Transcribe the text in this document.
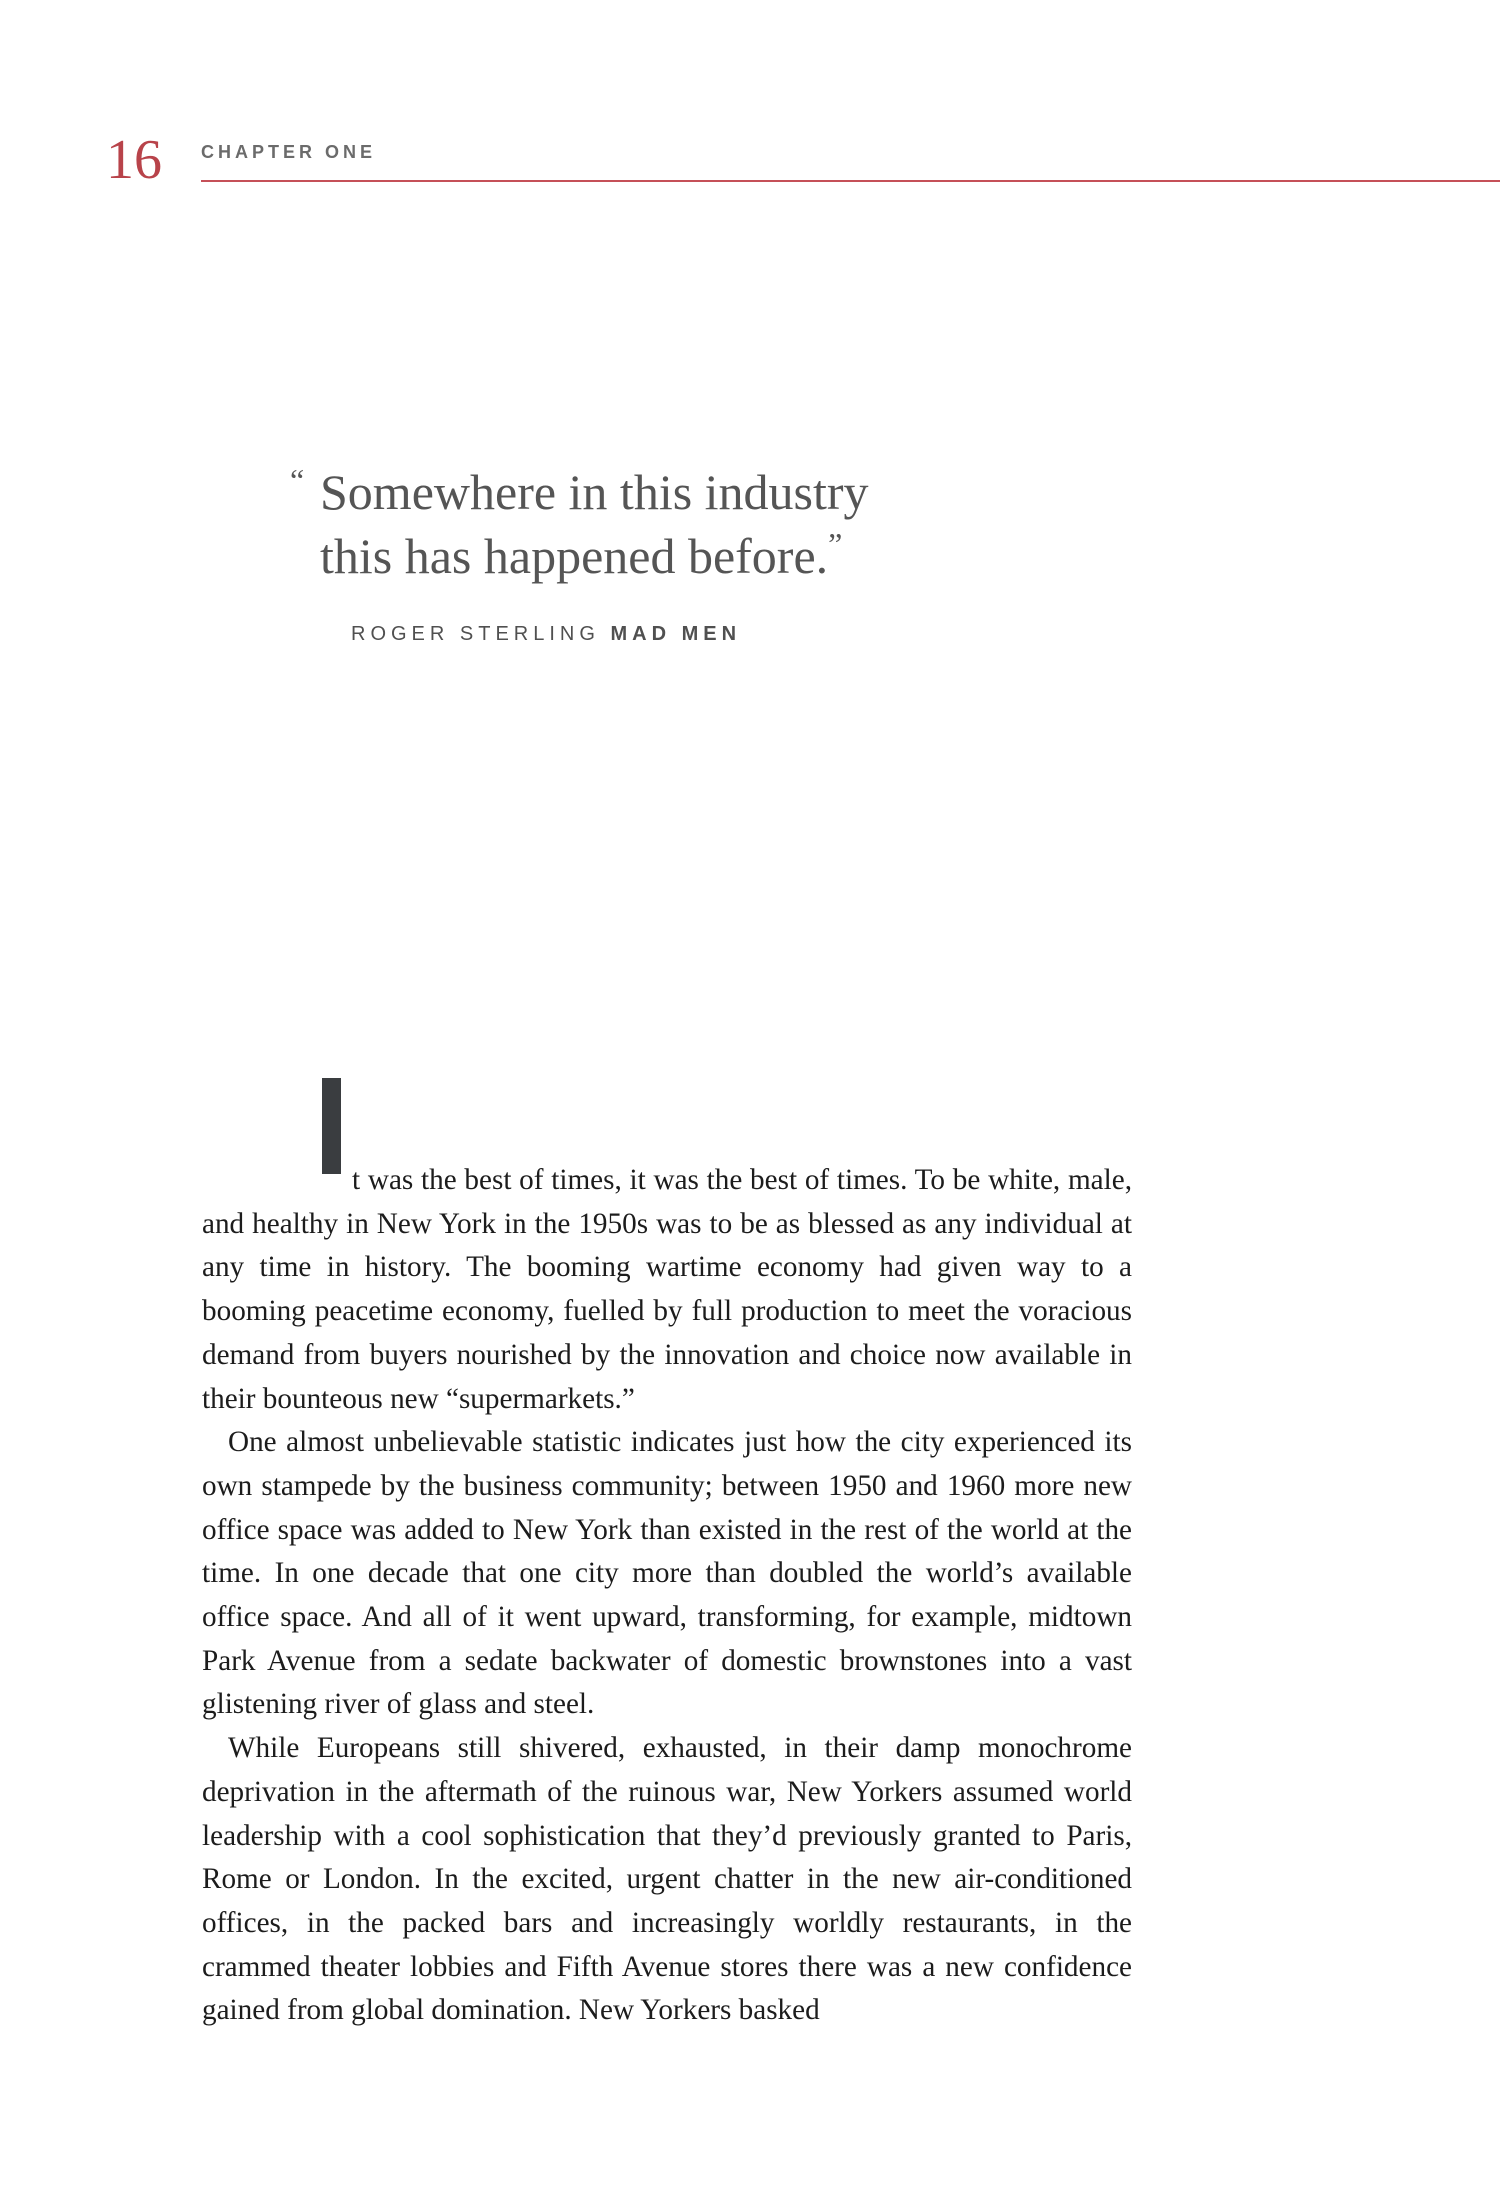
16 CHAPTER ONE
“ Somewhere in this industry
this has happened before.”
ROGER STERLING MAD MEN

t was the best of times, it was the best of times. To be white, male, and healthy in New York in the 1950s was to be as blessed as any individual at any time in history. The booming wartime economy had given way to a booming peacetime economy, fuelled by full production to meet the voracious demand from buyers nourished by the innovation and choice now available in their bounteous new “supermarkets.”

One almost unbelievable statistic indicates just how the city experienced its own stampede by the business community; between 1950 and 1960 more new office space was added to New York than existed in the rest of the world at the time. In one decade that one city more than doubled the world’s available office space. And all of it went upward, transforming, for example, midtown Park Avenue from a sedate backwater of domestic brownstones into a vast glistening river of glass and steel.

While Europeans still shivered, exhausted, in their damp monochrome deprivation in the aftermath of the ruinous war, New Yorkers assumed world leadership with a cool sophistication that they’d previously granted to Paris, Rome or London. In the excited, urgent chatter in the new air-conditioned offices, in the packed bars and increasingly worldly restaurants, in the crammed theater lobbies and Fifth Avenue stores there was a new confidence gained from global domination. New Yorkers basked
